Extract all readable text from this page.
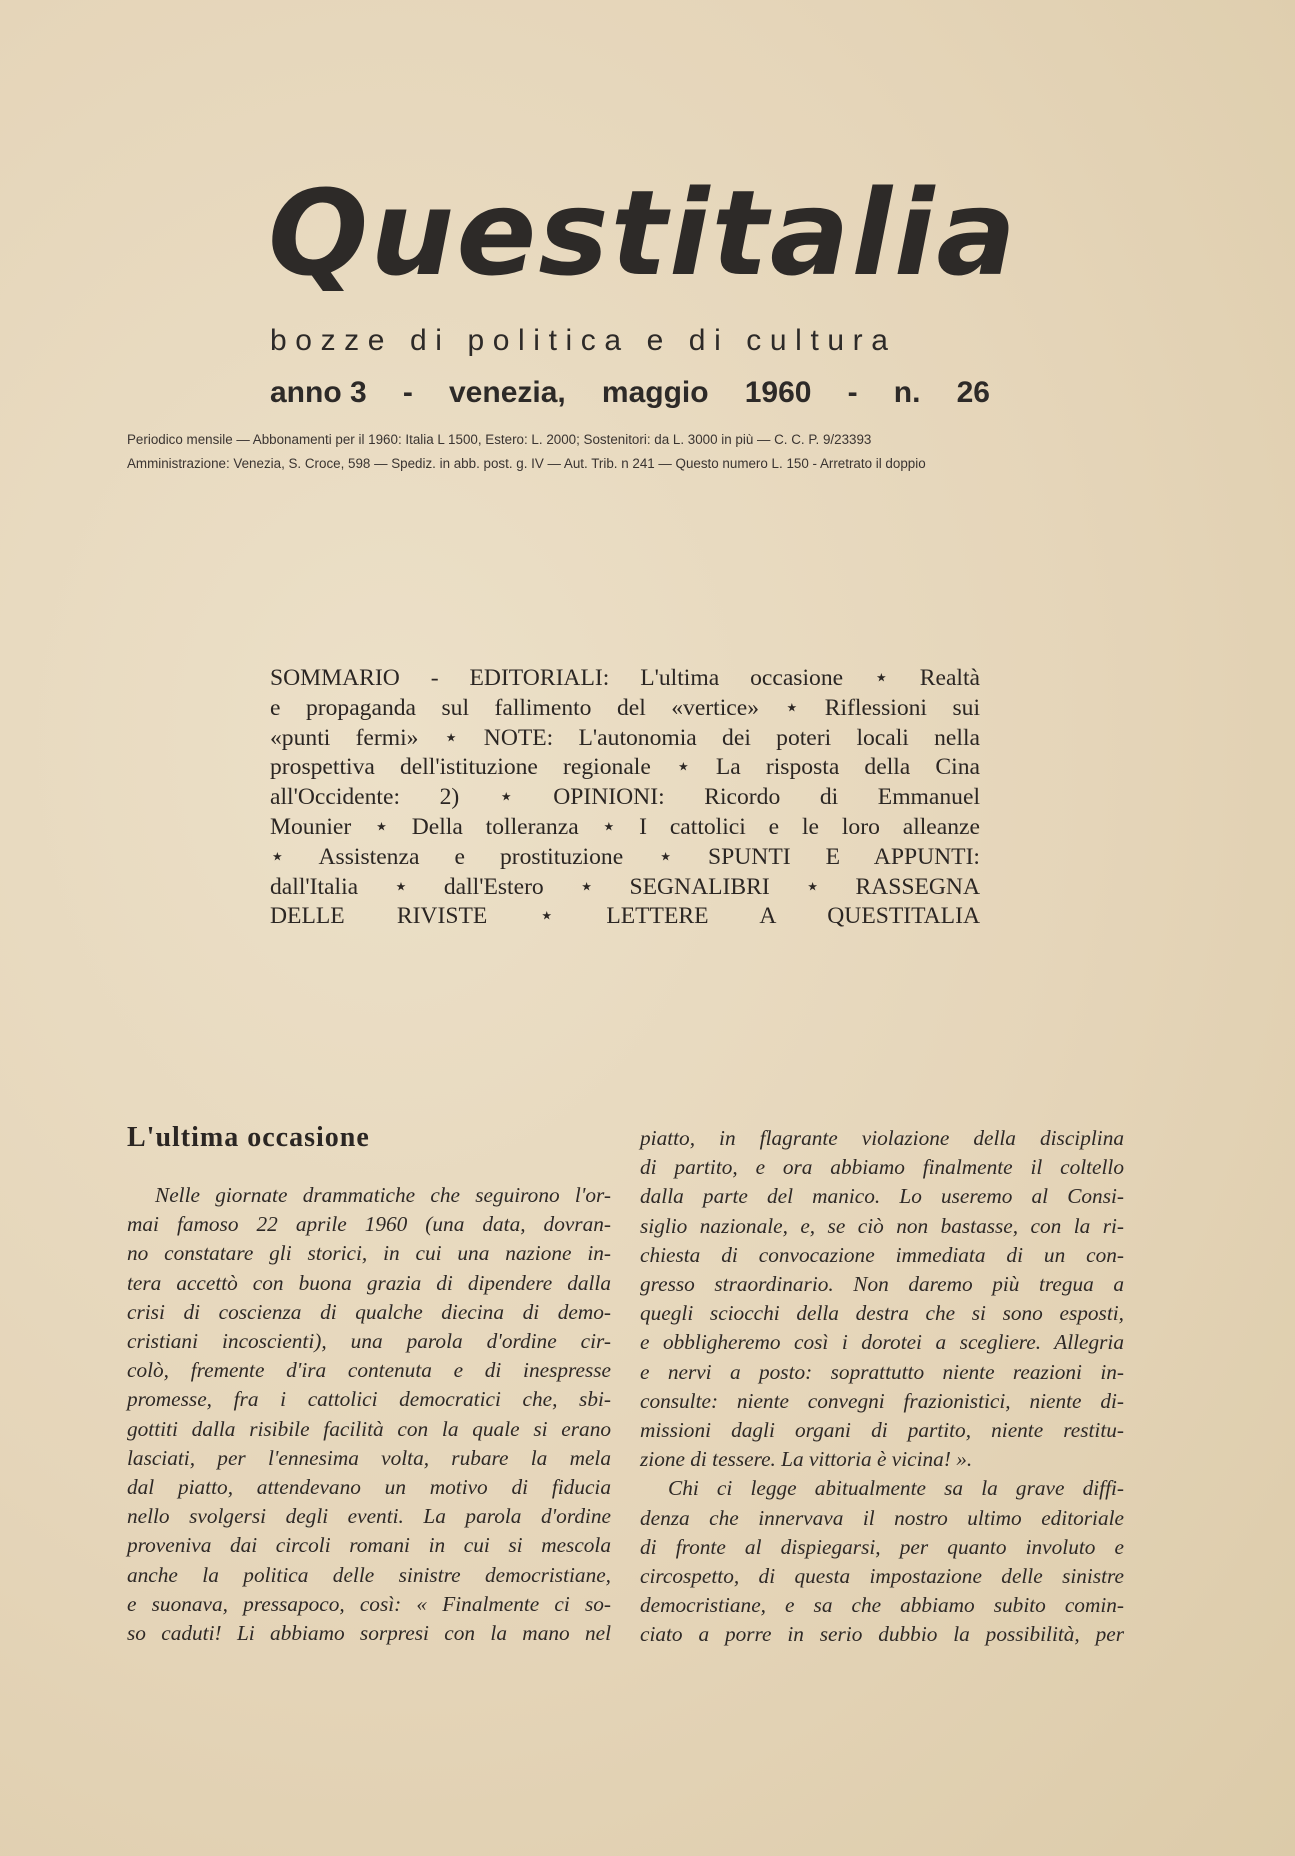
Questitalia
bozze di politica e di cultura
anno 3 - venezia, maggio 1960 - n. 26
Periodico mensile — Abbonamenti per il 1960: Italia L 1500, Estero: L. 2000; Sostenitori: da L. 3000 in più — C. C. P. 9/23393
Amministrazione: Venezia, S. Croce, 598 — Spediz. in abb. post. g. IV — Aut. Trib. n 241 — Questo numero L. 150 - Arretrato il doppio
SOMMARIO - EDITORIALI: L'ultima occasione ⋆ Realtà
e propaganda sul fallimento del «vertice» ⋆ Riflessioni sui
«punti fermi» ⋆ NOTE: L'autonomia dei poteri locali nella
prospettiva dell'istituzione regionale ⋆ La risposta della Cina
all'Occidente: 2) ⋆ OPINIONI: Ricordo di Emmanuel
Mounier ⋆ Della tolleranza ⋆ I cattolici e le loro alleanze
⋆ Assistenza e prostituzione ⋆ SPUNTI E APPUNTI:
dall'Italia ⋆ dall'Estero ⋆ SEGNALIBRI ⋆ RASSEGNA
DELLE RIVISTE ⋆ LETTERE A QUESTITALIA
L'ultima occasione
Nelle giornate drammatiche che seguirono l'or-
mai famoso 22 aprile 1960 (una data, dovran-
no constatare gli storici, in cui una nazione in-
tera accettò con buona grazia di dipendere dalla
crisi di coscienza di qualche diecina di demo-
cristiani incoscienti), una parola d'ordine cir-
colò, fremente d'ira contenuta e di inespresse
promesse, fra i cattolici democratici che, sbi-
gottiti dalla risibile facilità con la quale si erano
lasciati, per l'ennesima volta, rubare la mela
dal piatto, attendevano un motivo di fiducia
nello svolgersi degli eventi. La parola d'ordine
proveniva dai circoli romani in cui si mescola
anche la politica delle sinistre democristiane,
e suonava, pressapoco, così: « Finalmente ci so-
so caduti! Li abbiamo sorpresi con la mano nel
piatto, in flagrante violazione della disciplina
di partito, e ora abbiamo finalmente il coltello
dalla parte del manico. Lo useremo al Consi-
siglio nazionale, e, se ciò non bastasse, con la ri-
chiesta di convocazione immediata di un con-
gresso straordinario. Non daremo più tregua a
quegli sciocchi della destra che si sono esposti,
e obbligheremo così i dorotei a scegliere. Allegria
e nervi a posto: soprattutto niente reazioni in-
consulte: niente convegni frazionistici, niente di-
missioni dagli organi di partito, niente restitu-
zione di tessere. La vittoria è vicina! ».
Chi ci legge abitualmente sa la grave diffi-
denza che innervava il nostro ultimo editoriale
di fronte al dispiegarsi, per quanto involuto e
circospetto, di questa impostazione delle sinistre
democristiane, e sa che abbiamo subito comin-
ciato a porre in serio dubbio la possibilità, per
